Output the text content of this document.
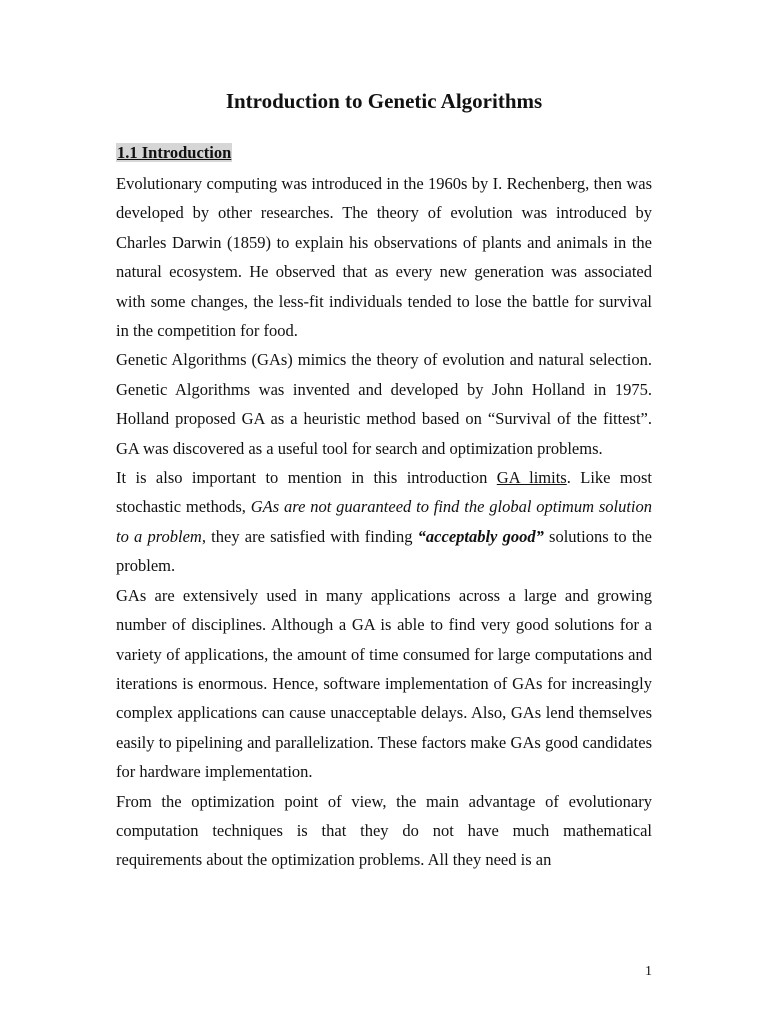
Introduction to Genetic Algorithms
1.1 Introduction

Evolutionary computing was introduced in the 1960s by I. Rechenberg, then was developed by other researches. The theory of evolution was introduced by Charles Darwin (1859) to explain his observations of plants and animals in the natural ecosystem. He observed that as every new generation was associated with some changes, the less-fit individuals tended to lose the battle for survival in the competition for food.

Genetic Algorithms (GAs) mimics the theory of evolution and natural selection. Genetic Algorithms was invented and developed by John Holland in 1975. Holland proposed GA as a heuristic method based on “Survival of the fittest”. GA was discovered as a useful tool for search and optimization problems.

It is also important to mention in this introduction GA limits. Like most stochastic methods, GAs are not guaranteed to find the global optimum solution to a problem, they are satisfied with finding “acceptably good” solutions to the problem.

GAs are extensively used in many applications across a large and growing number of disciplines. Although a GA is able to find very good solutions for a variety of applications, the amount of time consumed for large computations and iterations is enormous. Hence, software implementation of GAs for increasingly complex applications can cause unacceptable delays. Also, GAs lend themselves easily to pipelining and parallelization. These factors make GAs good candidates for hardware implementation.

From the optimization point of view, the main advantage of evolutionary computation techniques is that they do not have much mathematical requirements about the optimization problems. All they need is an

1
